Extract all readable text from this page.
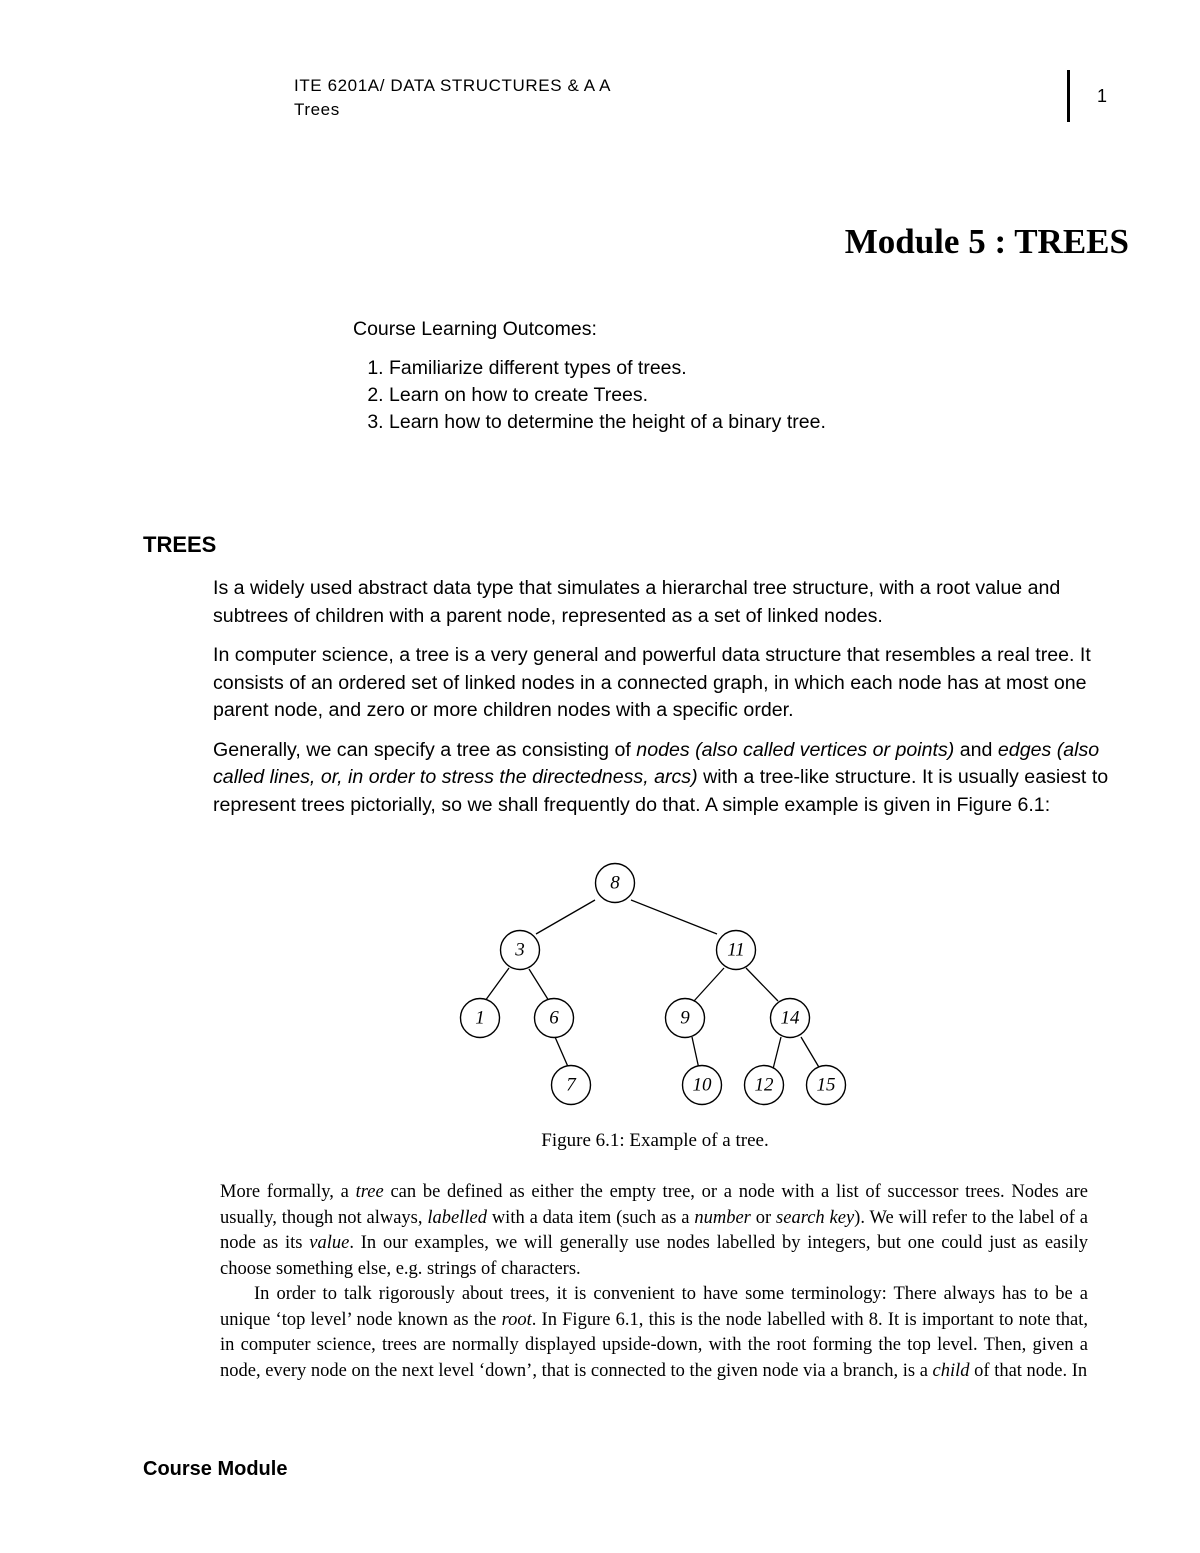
ITE 6201A/ DATA STRUCTURES & A A
Trees
1
Module 5 : TREES
Course Learning Outcomes:
1. Familiarize different types of trees.
2. Learn on how to create Trees.
3. Learn how to determine the height of a binary tree.
TREES

Is a widely used abstract data type that simulates a hierarchal tree structure, with a root value and subtrees of children with a parent node, represented as a set of linked nodes.

In computer science, a tree is a very general and powerful data structure that resembles a real tree. It consists of an ordered set of linked nodes in a connected graph, in which each node has at most one parent node, and zero or more children nodes with a specific order.

Generally, we can specify a tree as consisting of nodes (also called vertices or points) and edges (also called lines, or, in order to stress the directedness, arcs) with a tree-like structure. It is usually easiest to represent trees pictorially, so we shall frequently do that. A simple example is given in Figure 6.1:

8
3	11
1	6	9	14
7	10 12 15
Figure 6.1: Example of a tree.

More formally, a tree can be defined as either the empty tree, or a node with a list of successor trees. Nodes are usually, though not always, labelled with a data item (such as a number or search key). We will refer to the label of a node as its value. In our examples, we will generally use nodes labelled by integers, but one could just as easily choose something else, e.g. strings of characters.

In order to talk rigorously about trees, it is convenient to have some terminology: There always has to be a unique ‘top level’ node known as the root. In Figure 6.1, this is the node labelled with 8. It is important to note that, in computer science, trees are normally displayed upside-down, with the root forming the top level. Then, given a node, every node on the next level ‘down’, that is connected to the given node via a branch, is a child of that node. In

Course Module
